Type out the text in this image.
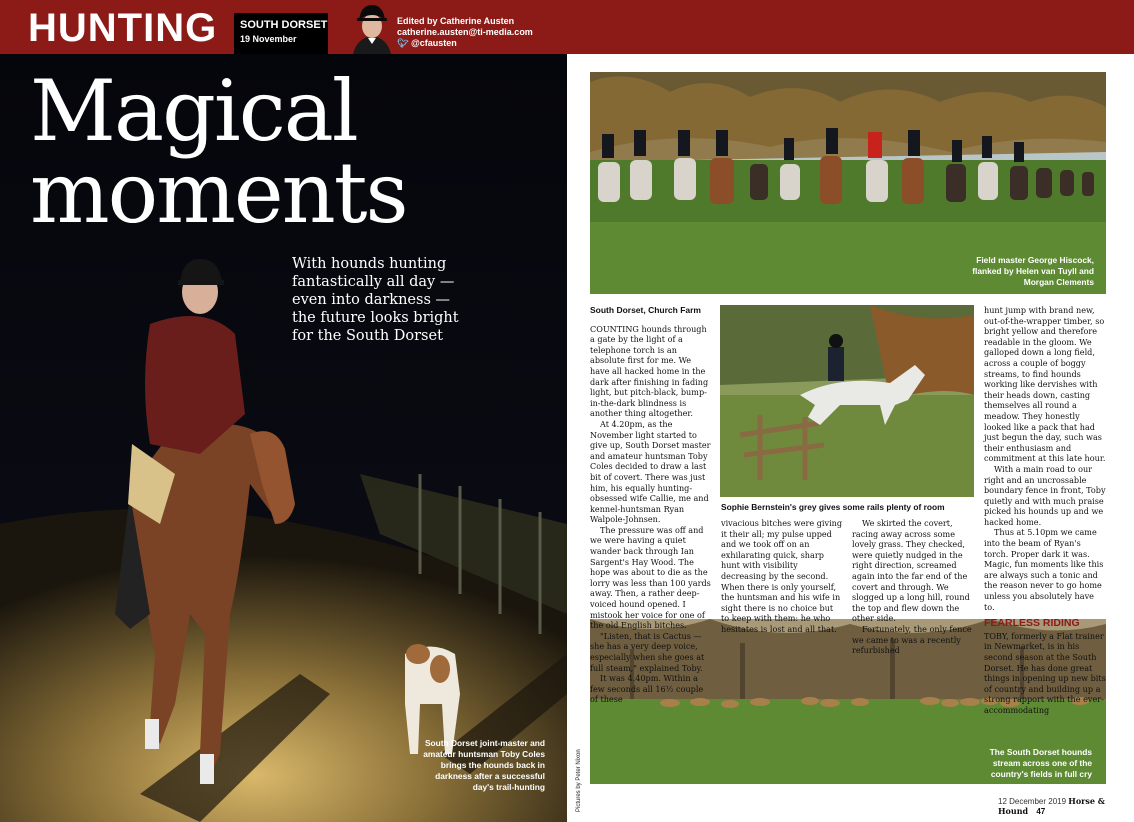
HUNTING SOUTH DORSET
19 November
Edited by Catherine Austen
catherine.austen@ti-media.com
🐦︎ @cfausten
Magical
moments
With hounds hunting fantastically all day — even into darkness — the future looks bright for the South Dorset
South Dorset joint-master and amateur huntsman Toby Coles brings the hounds back in darkness after a successful day's trail-hunting
Field master George Hiscock, flanked by Helen van Tuyll and Morgan Clements
Sophie Bernstein's grey gives some rails plenty of room
The South Dorset hounds stream across one of the country's fields in full cry
Pictures by Peter Nixon
South Dorset, Church Farm

COUNTING hounds through a gate by the light of a telephone torch is an absolute first for me. We have all hacked home in the dark after finishing in fading light, but pitch-black, bump-in-the-dark blindness is another thing altogether.

At 4.20pm, as the November light started to give up, South Dorset master and amateur huntsman Toby Coles decided to draw a last bit of covert. There was just him, his equally hunting-obsessed wife Callie, me and kennel-huntsman Ryan Walpole-Johnsen.

The pressure was off and we were having a quiet wander back through Ian Sargent's Hay Wood. The hope was about to die as the lorry was less than 100 yards away. Then, a rather deep-voiced hound opened. I mistook her voice for one of the old English bitches.

"Listen, that is Cactus — she has a very deep voice, especially when she goes at full steam," explained Toby.

It was 4.40pm. Within a few seconds all 16½ couple of these

vivacious bitches were giving it their all; my pulse upped and we took off on an exhilarating quick, sharp hunt with visibility decreasing by the second. When there is only yourself, the huntsman and his wife in sight there is no choice but to keep with them: he who hesitates is lost and all that.

We skirted the covert, racing away across some lovely grass. They checked, were quietly nudged in the right direction, screamed again into the far end of the covert and through. We slogged up a long hill, round the top and flew down the other side.

Fortunately, the only fence we came to was a recently refurbished

hunt jump with brand new, out-of-the-wrapper timber, so bright yellow and therefore readable in the gloom. We galloped down a long field, across a couple of boggy streams, to find hounds working like dervishes with their heads down, casting themselves all round a meadow. They honestly looked like a pack that had just begun the day, such was their enthusiasm and commitment at this late hour.

With a main road to our right and an uncrossable boundary fence in front, Toby quietly and with much praise picked his hounds up and we hacked home.

Thus at 5.10pm we came into the beam of Ryan's torch. Proper dark it was. Magic, fun moments like this are always such a tonic and the reason never to go home unless you absolutely have to.

FEARLESS RIDING

TOBY, formerly a Flat trainer in Newmarket, is in his second season at the South Dorset. He has done great things in opening up new bits of country and building up a strong rapport with the ever-accommodating

12 December 2019 Horse & Hound 47
